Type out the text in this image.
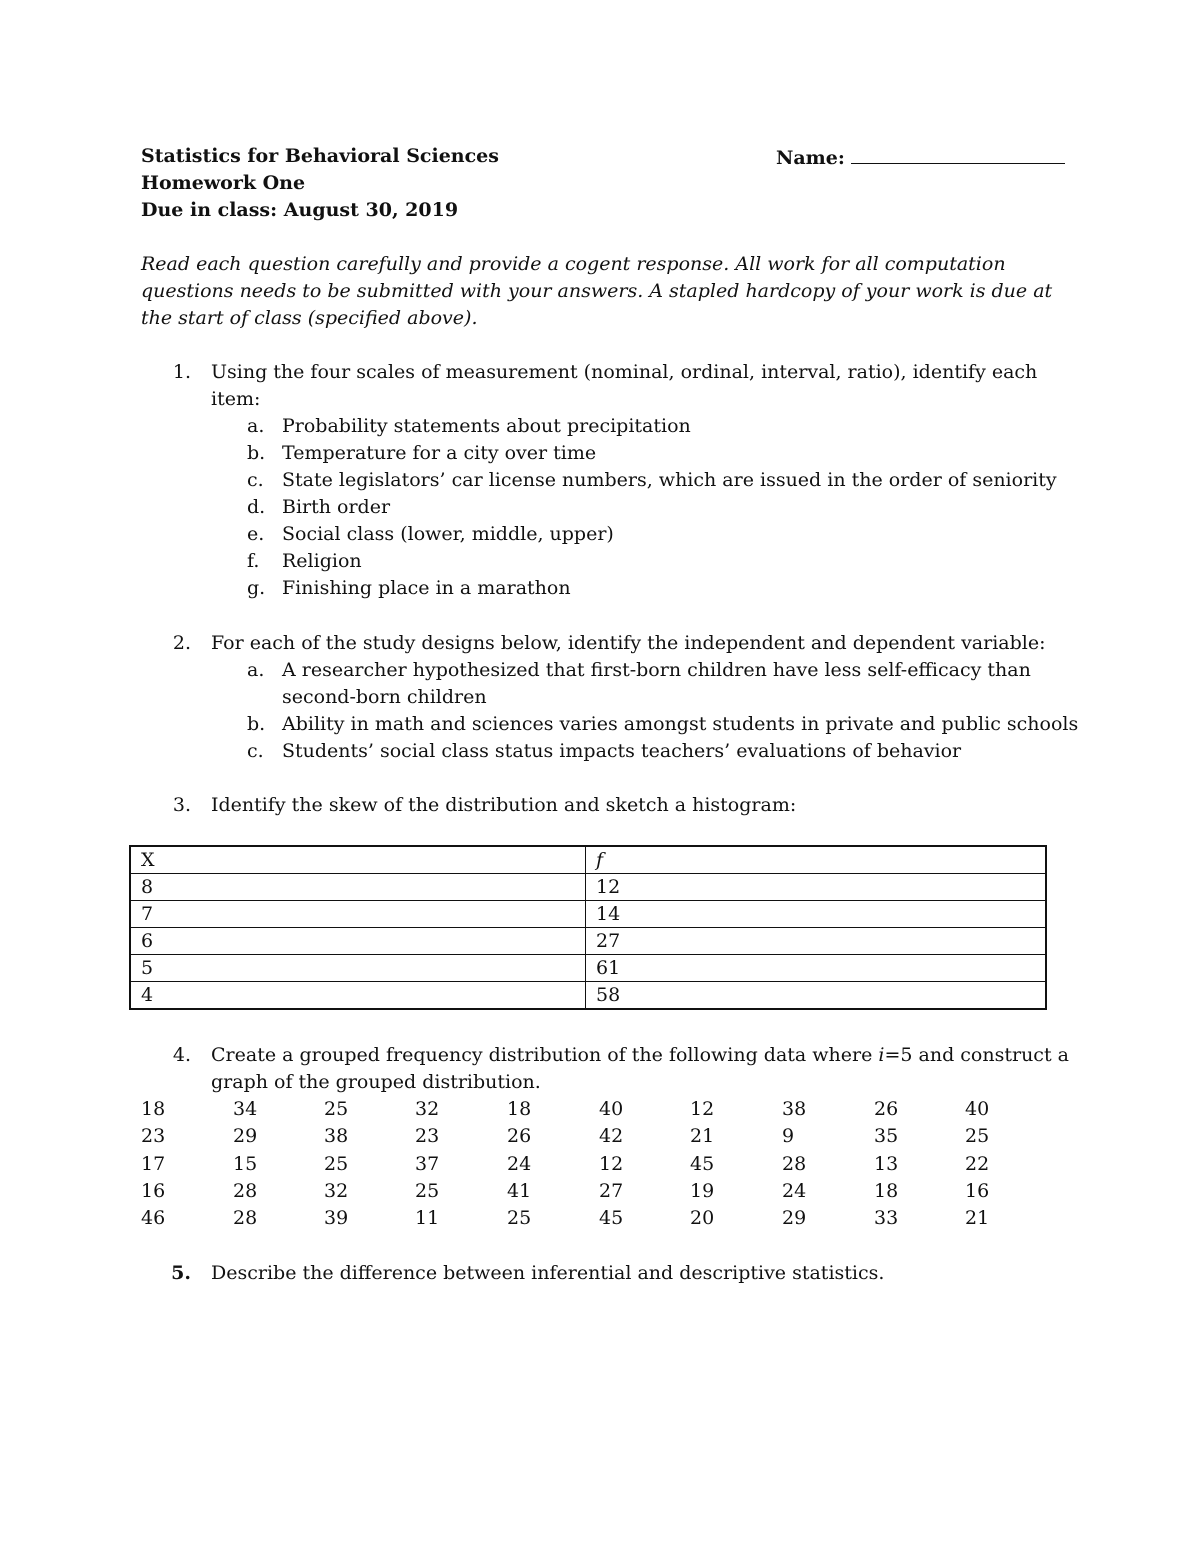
Statistics for Behavioral Sciences
Homework One
Due in class: August 30, 2019
Name:
Read each question carefully and provide a cogent response. All work for all computation
questions needs to be submitted with your answers. A stapled hardcopy of your work is due at
the start of class (specified above).
1. Using the four scales of measurement (nominal, ordinal, interval, ratio), identify each
item:
a. Probability statements about precipitation
b. Temperature for a city over time
c. State legislators’ car license numbers, which are issued in the order of seniority
d. Birth order
e. Social class (lower, middle, upper)
f.	Religion
g. Finishing place in a marathon
2. For each of the study designs below, identify the independent and dependent variable:
a. A researcher hypothesized that first-born children have less self-efficacy than
second-born children
b. Ability in math and sciences varies amongst students in private and public schools
c. Students’ social class status impacts teachers’ evaluations of behavior
3. Identify the skew of the distribution and sketch a histogram:
X	f
8	12
7	14
6	27
5	61
4	58
4. Create a grouped frequency distribution of the following data where i=5 and construct a
graph of the grouped distribution.
18	34	25	32	18	40	12	38	26	40
23	29	38	23	26	42	21	9	35	25
17	15	25	37	24	12	45	28	13	22
16	28	32	25	41	27	19	24	18	16
46	28	39	11	25	45	20	29	33	21
5. Describe the difference between inferential and descriptive statistics.
